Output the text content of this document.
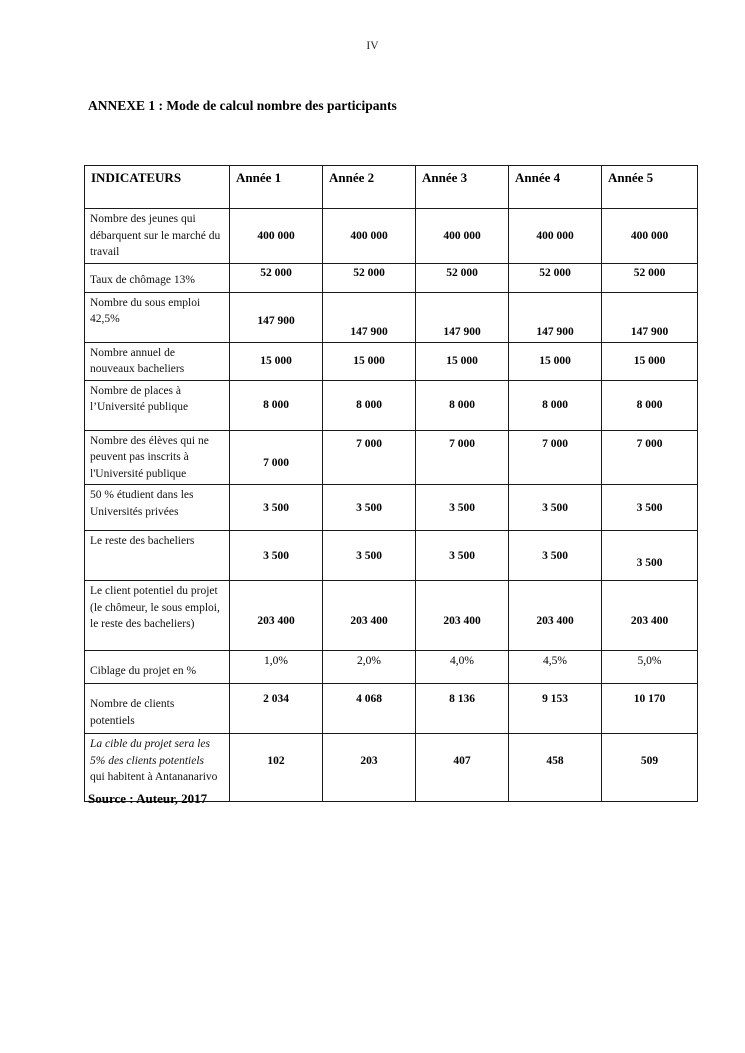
IV
ANNEXE 1 : Mode de calcul nombre des participants
INDICATEURS	Année 1	Année 2	Année 3	Année 4	Année 5
Nombre des jeunes qui débarquent sur le marché du travail	400 000	400 000	400 000	400 000	400 000
Taux de chômage 13%	52 000	52 000	52 000	52 000	52 000
Nombre du sous emploi 42,5%	147 900	147 900	147 900	147 900	147 900
Nombre annuel de nouveaux bacheliers	15 000	15 000	15 000	15 000	15 000
Nombre de places à l’Université publique	8 000	8 000	8 000	8 000	8 000
Nombre des élèves qui ne peuvent pas inscrits à l'Université publique	7 000	7 000	7 000	7 000	7 000
50 % étudient dans les Universités privées	3 500	3 500	3 500	3 500	3 500
Le reste des bacheliers	3 500	3 500	3 500	3 500	3 500
Le client potentiel du projet (le chômeur, le sous emploi, le reste des bacheliers)	203 400	203 400	203 400	203 400	203 400
Ciblage du projet en %	1,0%	2,0%	4,0%	4,5%	5,0%
Nombre de clients potentiels	2 034	4 068	8 136	9 153	10 170
La cible du projet sera les 5% des clients potentiels qui habitent à Antananarivo	102	203	407	458	509
Source : Auteur, 2017
